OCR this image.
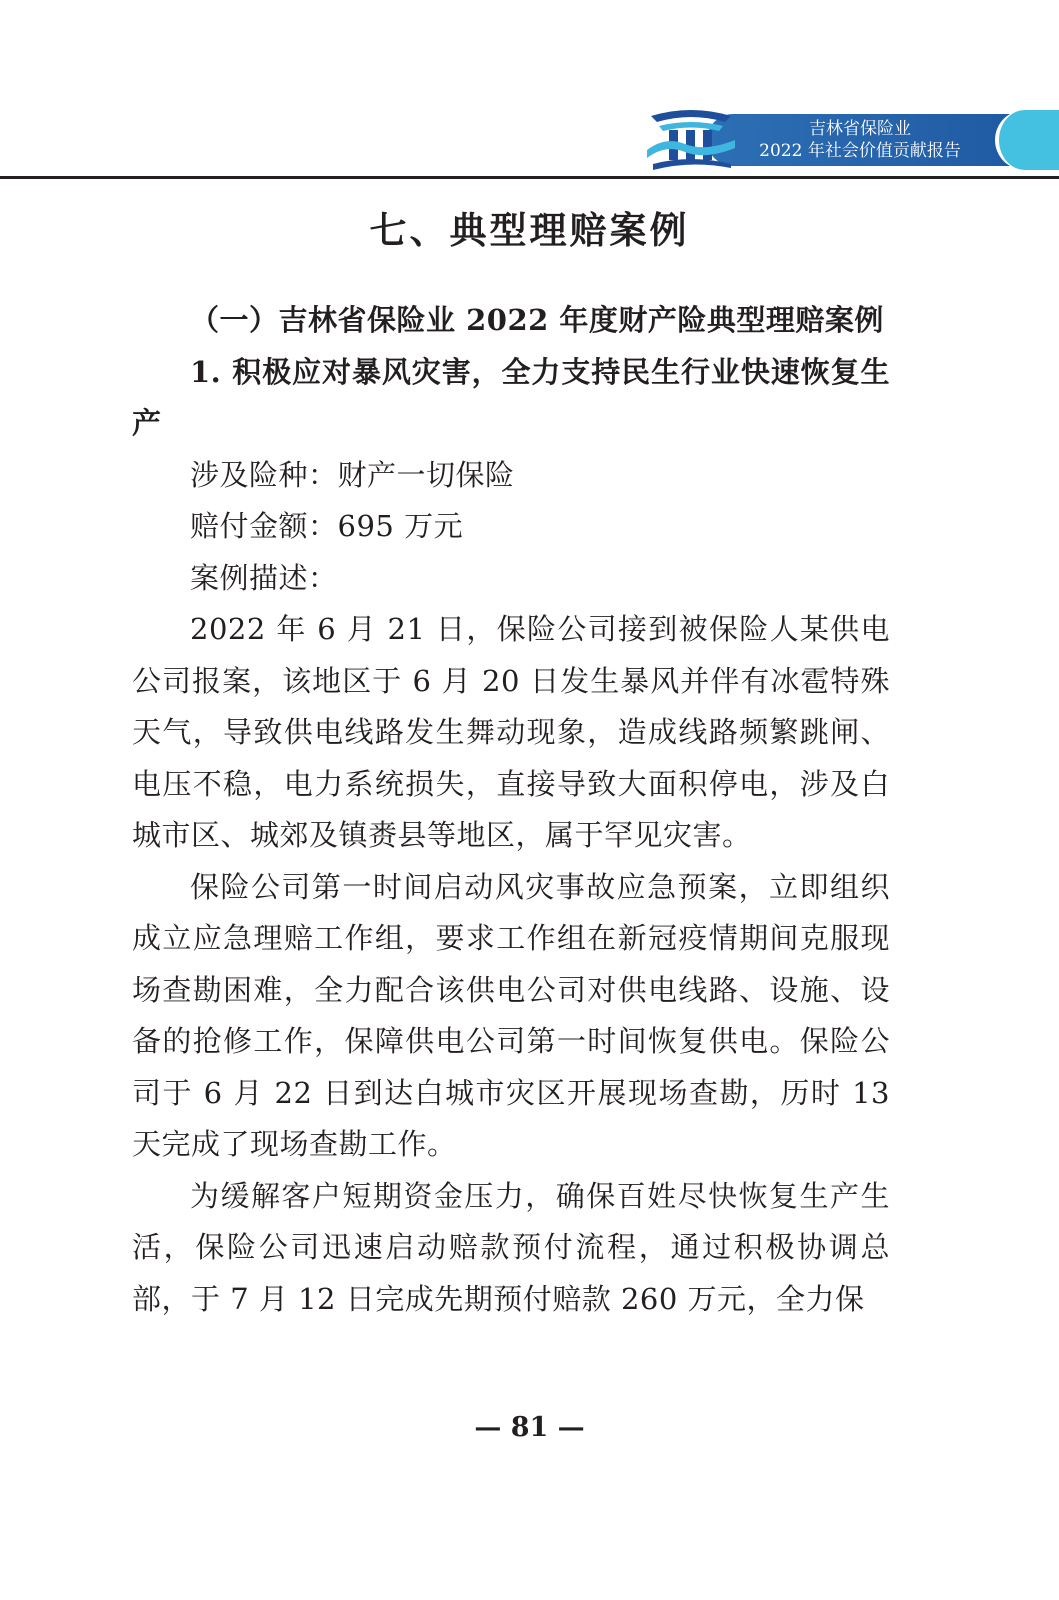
吉林省保险业
2022 年社会价值贡献报告
七、典型理赔案例

（一）吉林省保险业 2022 年度财产险典型理赔案例

1. 积极应对暴风灾害，全力支持民生行业快速恢复生产

涉及险种：财产一切保险

赔付金额：695 万元

案例描述：

2022 年 6 月 21 日，保险公司接到被保险人某供电公司报案，该地区于 6 月 20 日发生暴风并伴有冰雹特殊天气，导致供电线路发生舞动现象，造成线路频繁跳闸、电压不稳，电力系统损失，直接导致大面积停电，涉及白城市区、城郊及镇赉县等地区，属于罕见灾害。

保险公司第一时间启动风灾事故应急预案，立即组织成立应急理赔工作组，要求工作组在新冠疫情期间克服现场查勘困难，全力配合该供电公司对供电线路、设施、设备的抢修工作，保障供电公司第一时间恢复供电。保险公司于 6 月 22 日到达白城市灾区开展现场查勘，历时 13 天完成了现场查勘工作。

为缓解客户短期资金压力，确保百姓尽快恢复生产生活，保险公司迅速启动赔款预付流程，通过积极协调总部，于 7 月 12 日完成先期预付赔款 260 万元，全力保

— 81 —
